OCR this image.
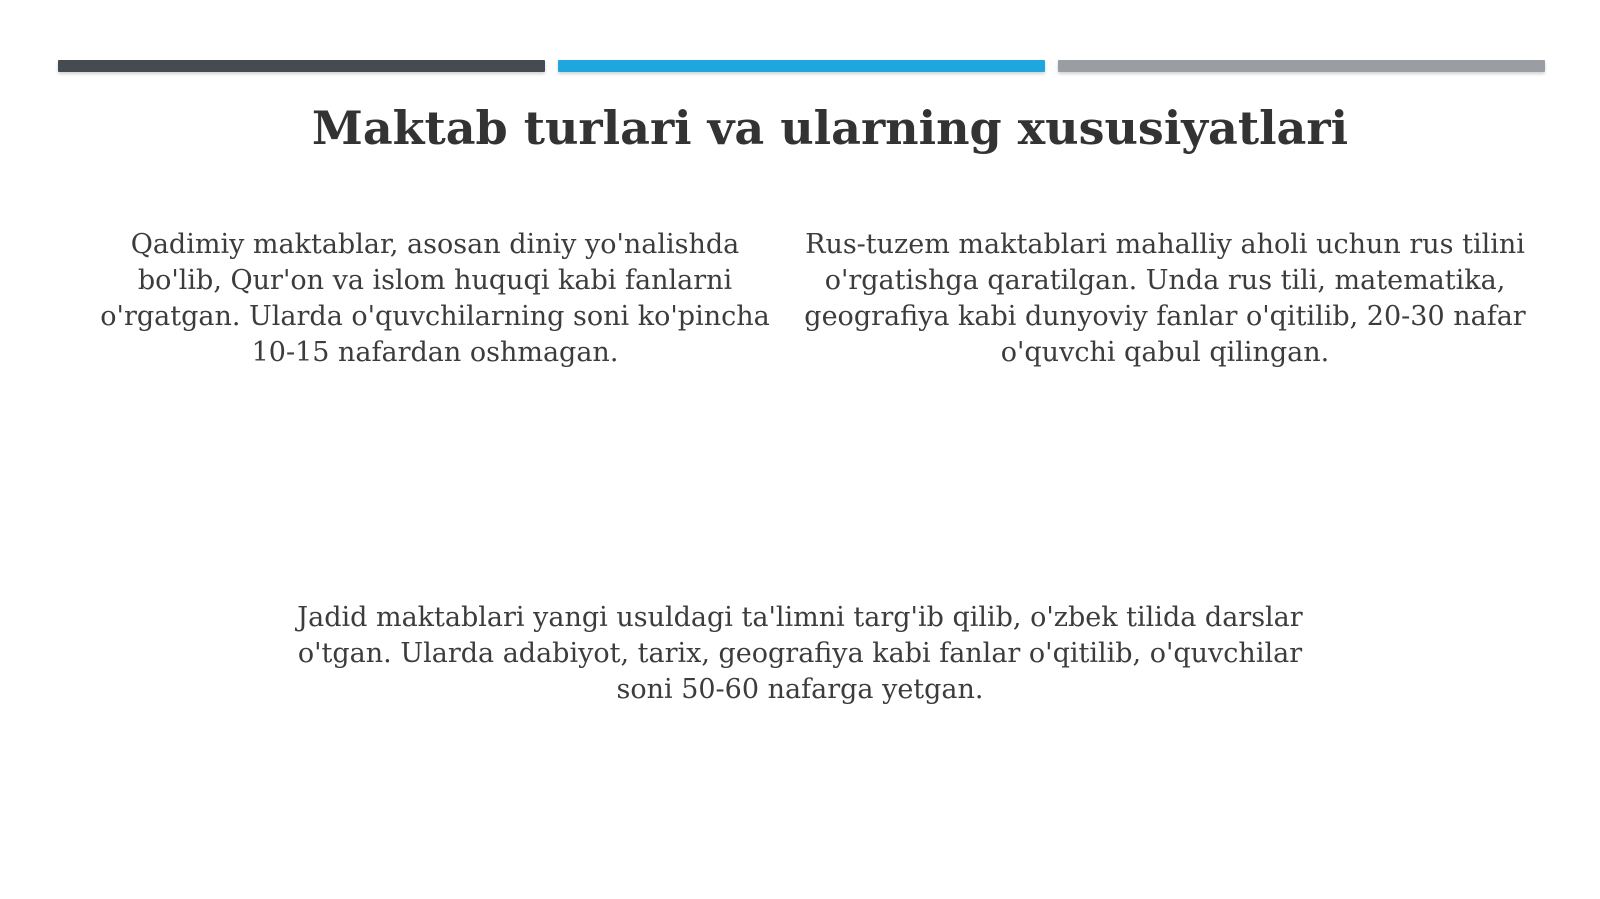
Maktab turlari va ularning xususiyatlari

Qadimiy maktablar, asosan diniy yo'nalishda bo'lib, Qur'on va islom huquqi kabi fanlarni o'rgatgan. Ularda o'quvchilarning soni ko'pincha 10-15 nafardan oshmagan.

Rus-tuzem maktablari mahalliy aholi uchun rus tilini o'rgatishga qaratilgan. Unda rus tili, matematika, geografiya kabi dunyoviy fanlar o'qitilib, 20-30 nafar o'quvchi qabul qilingan.

Jadid maktablari yangi usuldagi ta'limni targ'ib qilib, o'zbek tilida darslar o'tgan. Ularda adabiyot, tarix, geografiya kabi fanlar o'qitilib, o'quvchilar soni 50-60 nafarga yetgan.
